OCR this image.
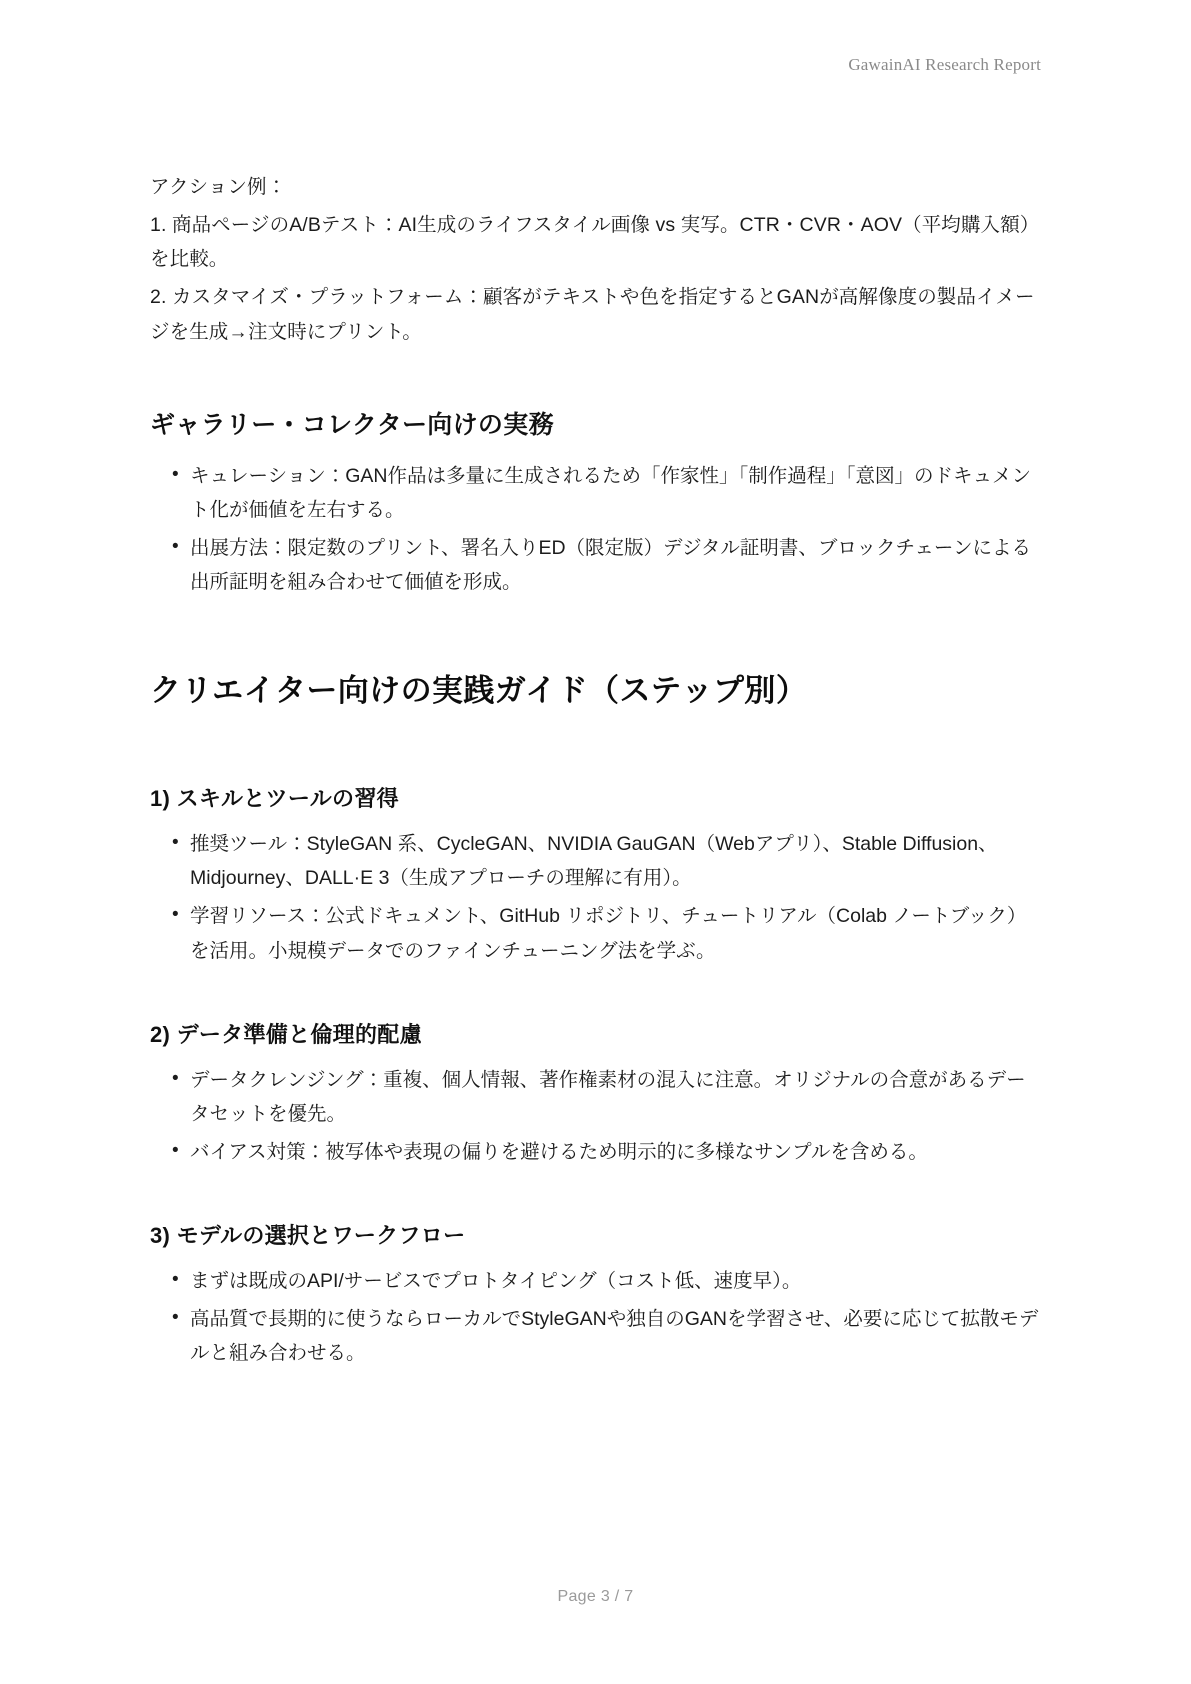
GawainAI Research Report

アクション例：

1. 商品ページのA/Bテスト：AI生成のライフスタイル画像 vs 実写。CTR・CVR・AOV（平均購入額）を比較。

2. カスタマイズ・プラットフォーム：顧客がテキストや色を指定するとGANが高解像度の製品イメージを生成→注文時にプリント。

ギャラリー・コレクター向けの実務
• キュレーション：GAN作品は多量に生成されるため「作家性」「制作過程」「意図」のドキュメント化が価値を左右する。
• 出展方法：限定数のプリント、署名入りED（限定版）デジタル証明書、ブロックチェーンによる出所証明を組み合わせて価値を形成。
クリエイター向けの実践ガイド（ステップ別）
1) スキルとツールの習得
• 推奨ツール：StyleGAN 系、CycleGAN、NVIDIA GauGAN（Webアプリ）、Stable Diffusion、Midjourney、DALL·E 3（生成アプローチの理解に有用）。
• 学習リソース：公式ドキュメント、GitHub リポジトリ、チュートリアル（Colab ノートブック）を活用。小規模データでのファインチューニング法を学ぶ。
2) データ準備と倫理的配慮
• データクレンジング：重複、個人情報、著作権素材の混入に注意。オリジナルの合意があるデータセットを優先。
• バイアス対策：被写体や表現の偏りを避けるため明示的に多様なサンプルを含める。
3) モデルの選択とワークフロー
• まずは既成のAPI/サービスでプロトタイピング（コスト低、速度早）。
• 高品質で長期的に使うならローカルでStyleGANや独自のGANを学習させ、必要に応じて拡散モデルと組み合わせる。
Page 3 / 7
